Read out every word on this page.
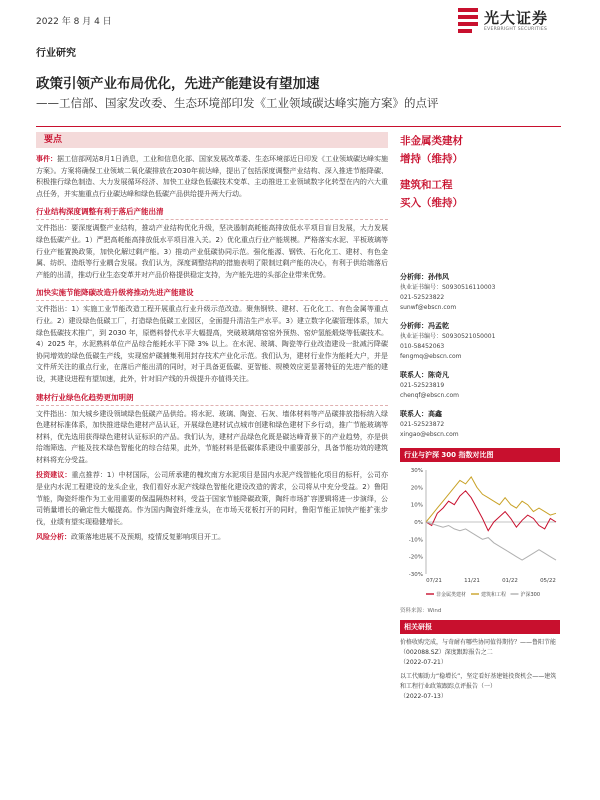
2022 年 8 月 4 日	光大证券
EVERBRIGHT SECURITIES
行业研究
政策引领产业布局优化，先进产能建设有望加速
——工信部、国家发改委、生态环境部印发《工业领域碳达峰实施方案》的点评
要点

事件：据工信部网站8月1日消息，工业和信息化部、国家发展改革委、生态环境部近日印发《工业领域碳达峰实施方案》。方案将确保工业领域二氧化碳排放在2030年前达峰，提出了包括深度调整产业结构、深入推进节能降碳、积极推行绿色制造、大力发展循环经济、加快工业绿色低碳技术变革、主动推进工业领域数字化转型在内的六大重点任务，并实施重点行业碳达峰和绿色低碳产品供给提升两大行动。

行业结构深度调整有利于落后产能出清

文件指出：要深度调整产业结构，推动产业结构优化升级，坚决遏制高耗能高排放低水平项目盲目发展，大力发展绿色低碳产业。1）严把高耗能高排放低水平项目准入关。2）优化重点行业产能规模。严格落实水泥、平板玻璃等行业产能置换政策，加快化解过剩产能。3）推动产业低碳协同示范。强化能源、钢铁、石化化工、建材、有色金属、纺织、造纸等行业耦合发展。我们认为，深度调整结构的措施表明了限制过剩产能的决心，有利于供给端落后产能的出清，推动行业生态变革并对产品价格提供稳定支持，为产能先进的头部企业带来优势。

加快实施节能降碳改造升级将推动先进产能建设

文件指出：1）实施工业节能改造工程开展重点行业升级示范改造。聚焦钢铁、建材、石化化工、有色金属等重点行业。2）建设绿色低碳工厂，打造绿色低碳工业园区，全面提升清洁生产水平。3）建立数字化碳管理体系，加大绿色低碳技术推广，到 2030 年，原燃料替代水平大幅提高，突破玻璃熔窑窑外预热、窑炉氢能煅烧等低碳技术。4）2025 年，水泥熟料单位产品综合能耗水平下降 3% 以上。在水泥、玻璃、陶瓷等行业改造建设一批减污降碳协同增效的绿色低碳生产线，实现窑炉碳捕集利用封存技术产业化示范。我们认为，建材行业作为能耗大户，并是文件所关注的重点行业，在落后产能出清的同时，对于具备更低碳、更智能、规模效应更显著特征的先进产能的建设，其建设进程有望加速，此外，针对旧产线的升级提升亦值得关注。

建材行业绿色化趋势更加明朗

文件指出：加大城乡建设领域绿色低碳产品供给。将水泥、玻璃、陶瓷、石灰、墙体材料等产品碳排放指标纳入绿色建材标准体系，加快推进绿色建材产品认证，开展绿色建材试点城市创建和绿色建材下乡行动，推广节能玻璃等材料，优先选用获得绿色建材认证标识的产品。我们认为，建材产品绿色化既是碳达峰背景下的产业趋势，亦是供给端筛选、产能及技术绿色智能化的综合结果，此外，节能材料是低碳体系建设中重要部分，具备节能功效的建筑材料将充分受益。

投资建议：重点推荐：1）中材国际，公司所承建的槐坎南方水泥项目是国内水泥产线智能化项目的标杆，公司亦是业内水泥工程建设的龙头企业，我们看好水泥产线绿色智能化建设改造的需求，公司将从中充分受益。2）鲁阳节能，陶瓷纤维作为工业用重要的保温隔热材料，受益于国家节能降碳政策，陶纤市场扩容逻辑将进一步演绎，公司销量增长的确定性大幅提高。作为国内陶瓷纤维龙头，在市场天花板打开的同时，鲁阳节能正加快产能扩张步伐，业绩有望实现稳健增长。

风险分析：政策落地进展不及预期，疫情反复影响项目开工。

非金属类建材
增持（维持）
建筑和工程
买入（维持）
分析师：孙伟风
执业证书编号：S0930516110003
021-52523822
sunwf@ebscn.com
分析师：冯孟乾
执业证书编号：S0930521050001
010-58452063
fengmq@ebscn.com
联系人：陈奇凡
021-52523819
chenqf@ebscn.com
联系人：高鑫
021-52523872
xingao@ebscn.com
行业与沪深 300 指数对比图
30%
20%
10%
0%
-10%
-20%
-30%
07/21	11/21	01/22	05/22
非金属类建材	建筑和工程	沪深300
资料来源：Wind
相关研报
价格收购完成，与奇耐有哪些协同值得期待？——鲁阳节能（002088.SZ）深度跟踪报告之二
（2022-07-21）
以工代赈助力“稳增长”，坚定看好基建链投资机会——建筑和工程行业政策跟踪点评报告（一）
（2022-07-13）
